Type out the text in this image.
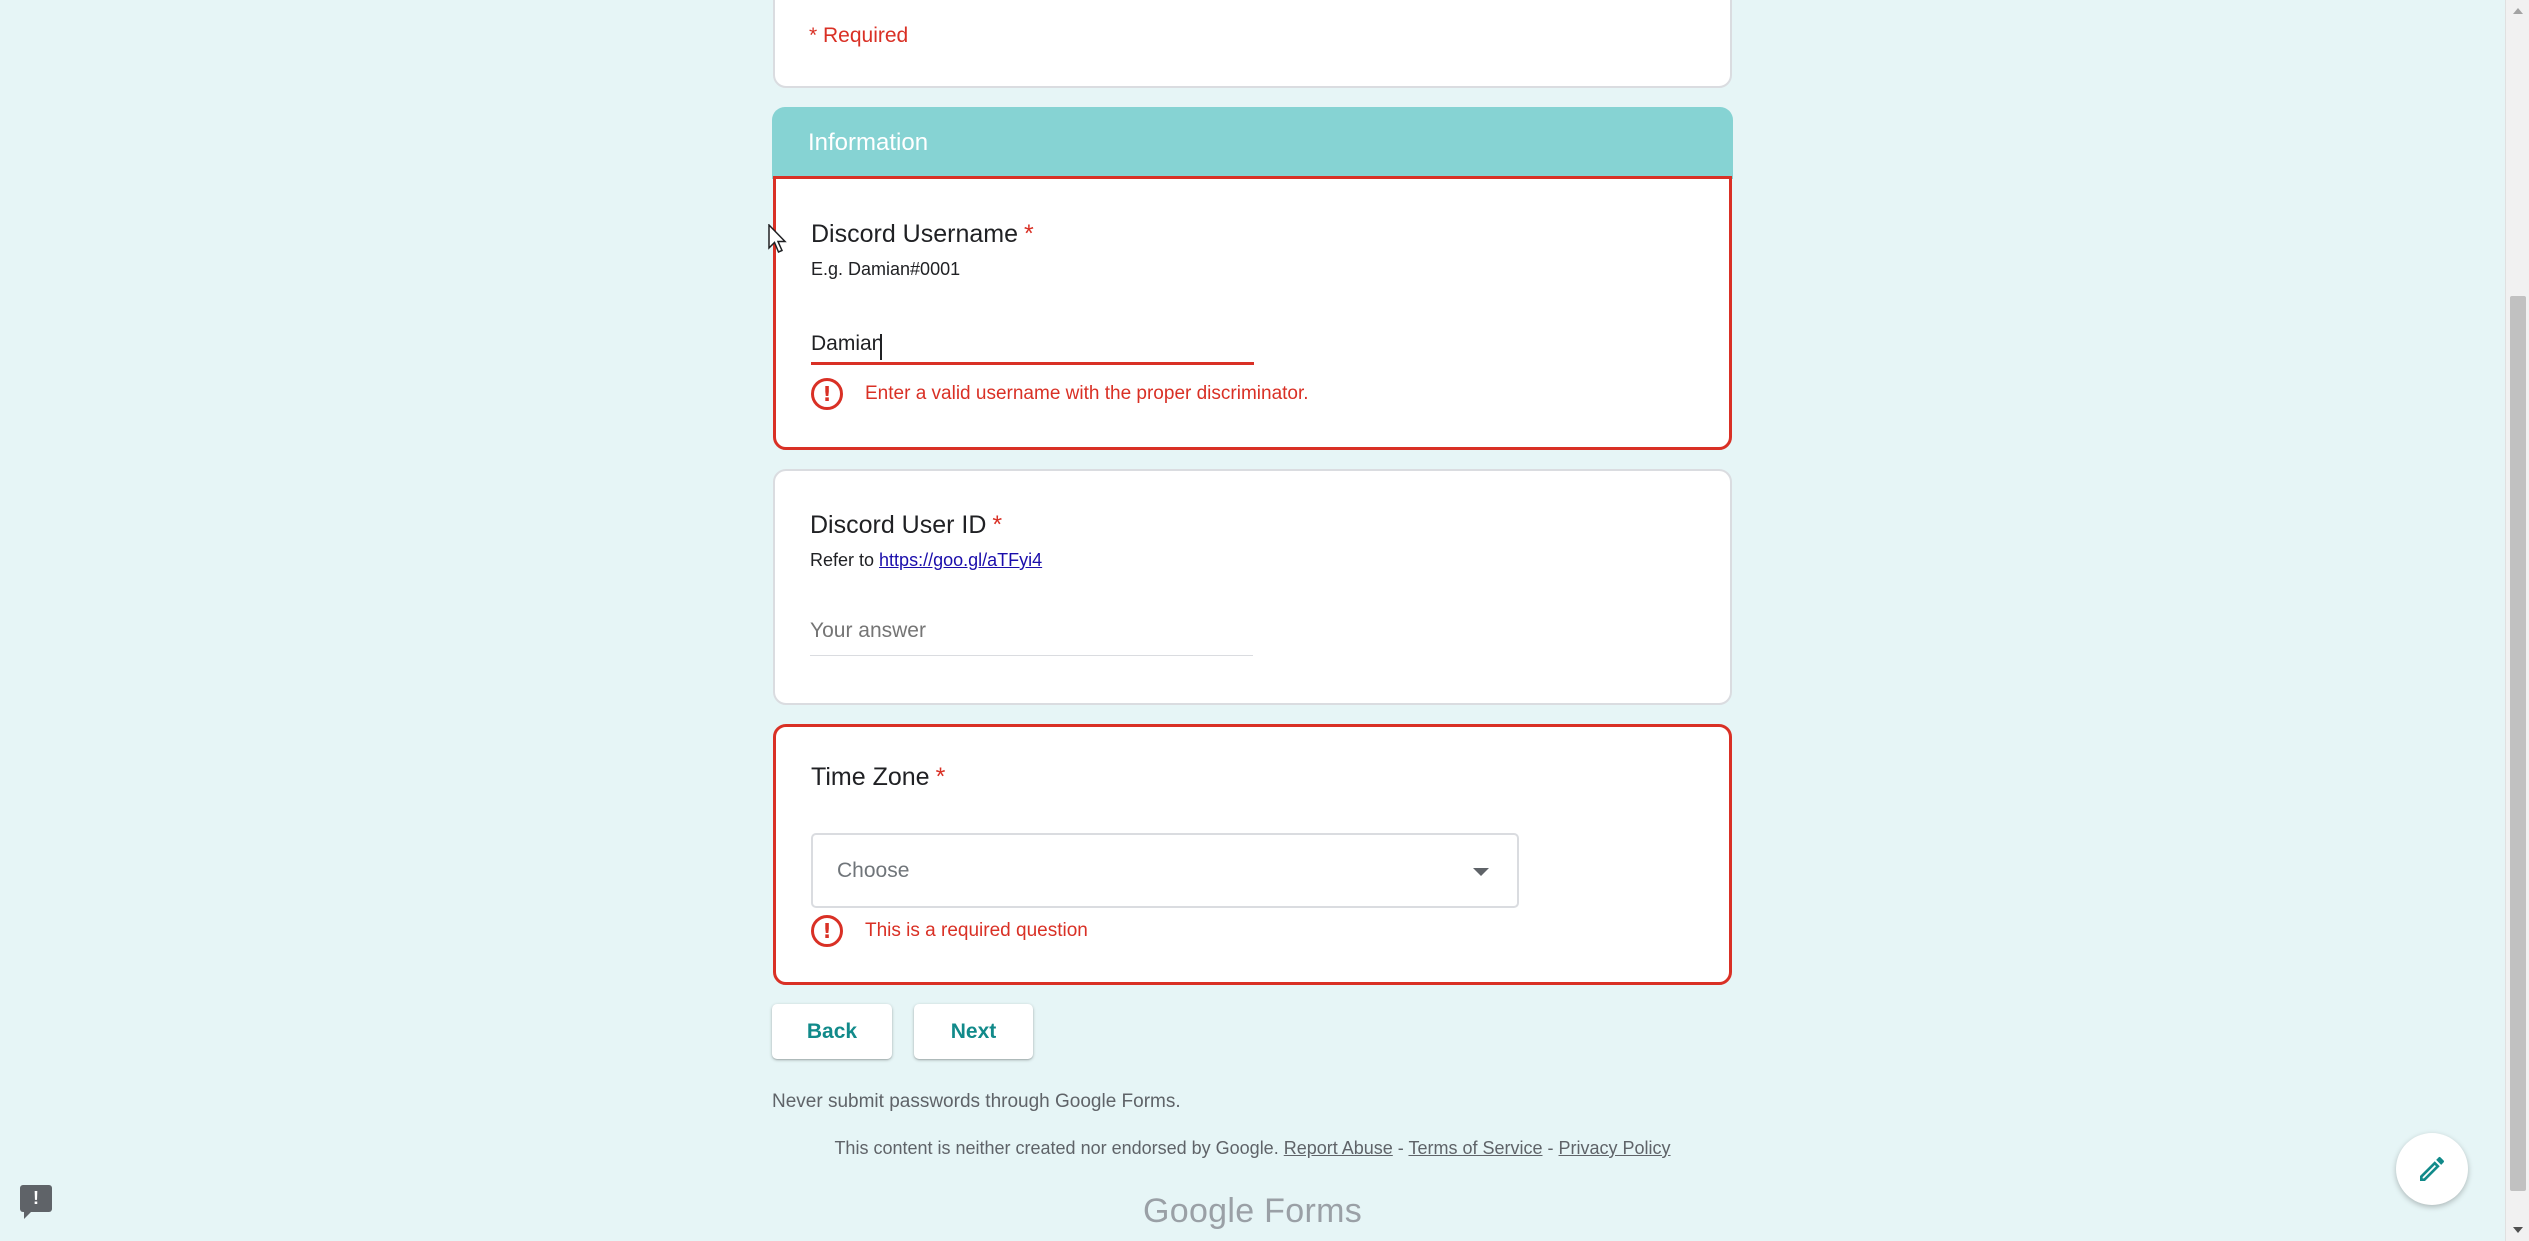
* Required
Information
Discord Username *
E.g. Damian#0001
Damian
!	Enter a valid username with the proper discriminator.
Discord User ID *
Refer to https://goo.gl/aTFyi4
Your answer
Time Zone *
Choose
!	This is a required question
Back	Next
Never submit passwords through Google Forms.
This content is neither created nor endorsed by Google. Report Abuse - Terms of Service - Privacy Policy
Google Forms
!
